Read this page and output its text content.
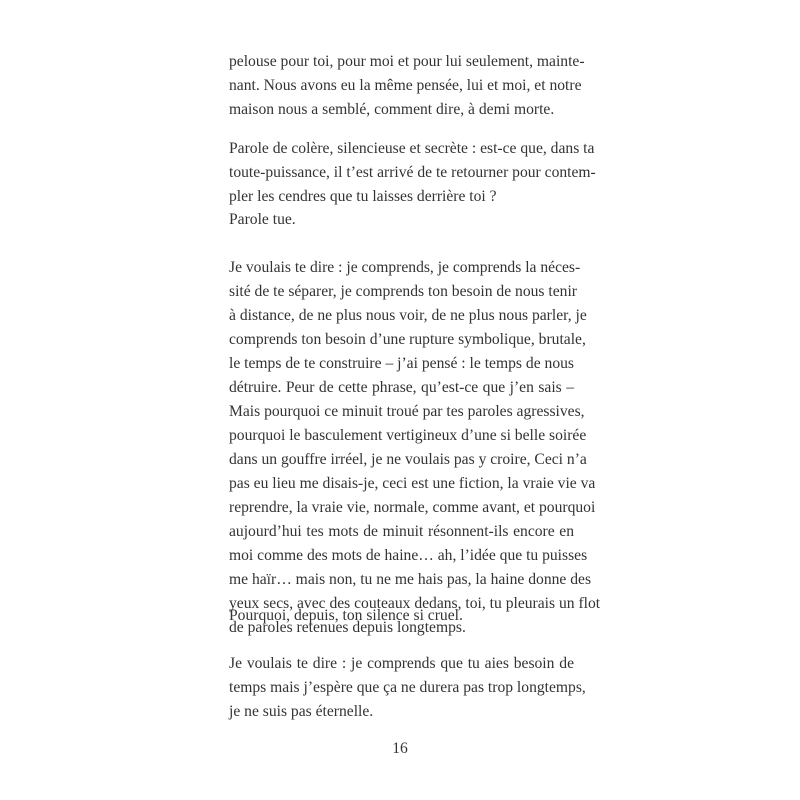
pelouse pour toi, pour moi et pour lui seulement, mainte-
nant. Nous avons eu la même pensée, lui et moi, et notre
maison nous a semblé, comment dire, à demi morte.

Parole de colère, silencieuse et secrète : est-ce que, dans ta
toute-puissance, il t’est arrivé de te retourner pour contem-
pler les cendres que tu laisses derrière toi ?

Parole tue.

Je voulais te dire : je comprends, je comprends la néces-
sité de te séparer, je comprends ton besoin de nous tenir
à distance, de ne plus nous voir, de ne plus nous parler, je
comprends ton besoin d’une rupture symbolique, brutale,
le temps de te construire – j’ai pensé : le temps de nous
détruire. Peur de cette phrase, qu’est-ce que j’en sais –
Mais pourquoi ce minuit troué par tes paroles agressives,
pourquoi le basculement vertigineux d’une si belle soirée
dans un gouffre irréel, je ne voulais pas y croire, Ceci n’a
pas eu lieu me disais-je, ceci est une fiction, la vraie vie va
reprendre, la vraie vie, normale, comme avant, et pourquoi
aujourd’hui tes mots de minuit résonnent-ils encore en
moi comme des mots de haine… ah, l’idée que tu puisses
me haïr… mais non, tu ne me hais pas, la haine donne des
yeux secs, avec des couteaux dedans, toi, tu pleurais un flot
de paroles retenues depuis longtemps.

Pourquoi, depuis, ton silence si cruel.

Je voulais te dire : je comprends que tu aies besoin de
temps mais j’espère que ça ne durera pas trop longtemps,
je ne suis pas éternelle.

16
